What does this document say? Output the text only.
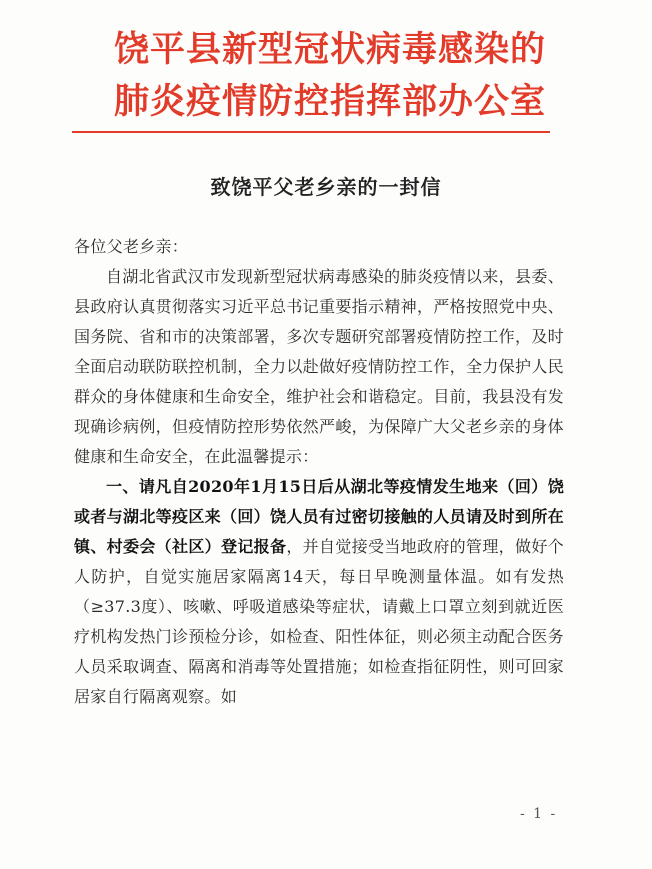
饶平县新型冠状病毒感染的
肺炎疫情防控指挥部办公室
致饶平父老乡亲的一封信

各位父老乡亲：

自湖北省武汉市发现新型冠状病毒感染的肺炎疫情以来，县委、县政府认真贯彻落实习近平总书记重要指示精神，严格按照党中央、国务院、省和市的决策部署，多次专题研究部署疫情防控工作，及时全面启动联防联控机制，全力以赴做好疫情防控工作，全力保护人民群众的身体健康和生命安全，维护社会和谐稳定。目前，我县没有发现确诊病例，但疫情防控形势依然严峻，为保障广大父老乡亲的身体健康和生命安全，在此温馨提示：

一、请凡自2020年1月15日后从湖北等疫情发生地来（回）饶或者与湖北等疫区来（回）饶人员有过密切接触的人员请及时到所在镇、村委会（社区）登记报备，并自觉接受当地政府的管理，做好个人防护，自觉实施居家隔离14天，每日早晚测量体温。如有发热（≥37.3度）、咳嗽、呼吸道感染等症状，请戴上口罩立刻到就近医疗机构发热门诊预检分诊，如检查、阳性体征，则必须主动配合医务人员采取调查、隔离和消毒等处置措施；如检查指征阴性，则可回家居家自行隔离观察。如

- 1 -
